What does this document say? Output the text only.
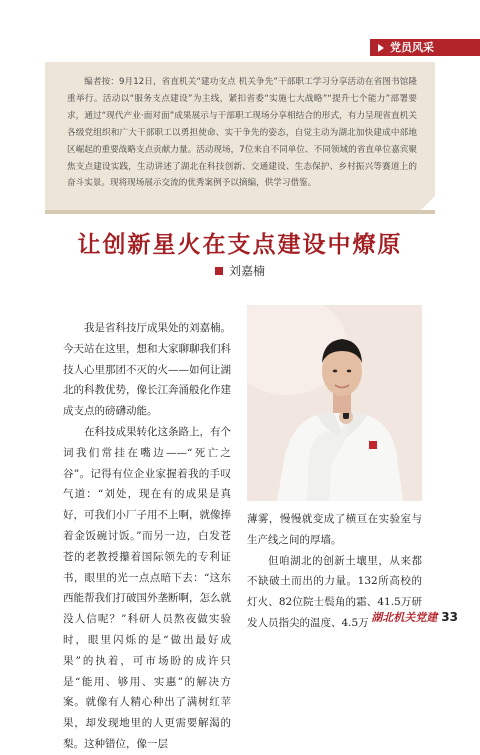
党员风采

编者按：9月12日，省直机关“建功支点 机关争先”干部职工学习分享活动在省图书馆隆重举行。活动以“服务支点建设”为主线，紧扣省委“实施七大战略”“提升七个能力”部署要求，通过“现代产业·面对面”成果展示与干部职工现场分享相结合的形式，有力呈现省直机关各级党组织和广大干部职工以勇担使命、实干争先的姿态，自觉主动为湖北加快建成中部地区崛起的重要战略支点贡献力量。活动现场，7位来自不同单位、不同领域的省直单位嘉宾聚焦支点建设实践，生动讲述了湖北在科技创新、交通建设、生态保护、乡村振兴等赛道上的奋斗实景。现将现场展示交流的优秀案例予以摘编，供学习借鉴。

让创新星火在支点建设中燎原
刘嘉楠

我是省科技厅成果处的刘嘉楠。今天站在这里，想和大家聊聊我们科技人心里那团不灭的火——如何让湖北的科教优势，像长江奔涌般化作建成支点的磅礴动能。

在科技成果转化这条路上，有个词我们常挂在嘴边——“死亡之谷”。记得有位企业家握着我的手叹气道：“刘处，现在有的成果是真好，可我们小厂子用不上啊，就像捧着金饭碗讨饭。”而另一边，白发苍苍的老教授攥着国际领先的专利证书，眼里的光一点点暗下去：“这东西能帮我们打破国外垄断啊，怎么就没人信呢？”科研人员熬夜做实验时，眼里闪烁的是“做出最好成果”的执着，可市场盼的成许只是“能用、够用、实惠”的解决方案。就像有人精心种出了满树红苹果，却发现地里的人更需要解渴的梨。这种错位，像一层

薄雾，慢慢就变成了横亘在实验室与生产线之间的厚墙。

但咱湖北的创新土壤里，从来都不缺破土而出的力量。132所高校的灯火、82位院士鬓角的霜、41.5万研发人员指尖的温度、4.5万 湖北机关党建 33
